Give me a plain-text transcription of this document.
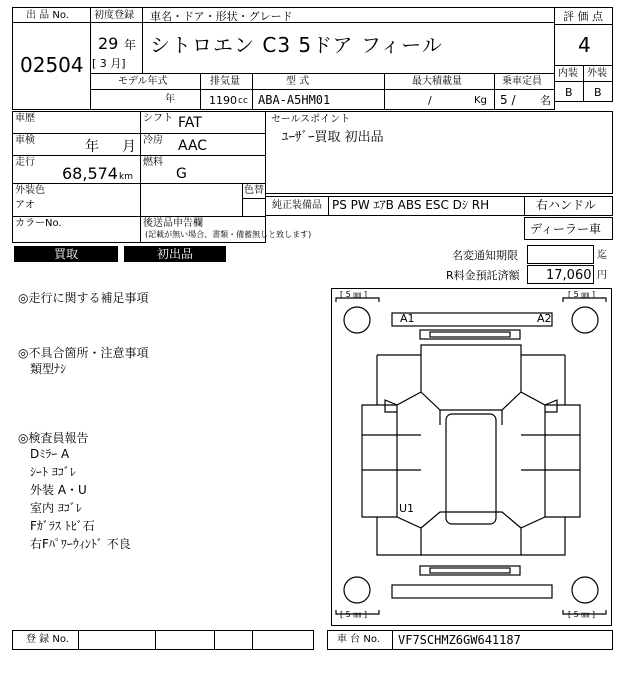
出 品 No.
02504
初度登録 車名・ドア・形状・グレード
29 年
[ 3 月]
シトロエン C3 5ドア フィール
モデル年式	排気量	型 式	最大積載量	乗車定員
年	1190 cc ABA-A5HM01	/	Kg 5 / 名
評 価 点
4
内装 外装
B B
車歴	シフト FAT
車検	年 月 冷房 AAC
走行
68,574 km
燃料
G
外装色
アオ
色替
カラーNo.	後送品申告欄
(記載が無い場合、書類・備蓄無しと致します)
セールスポイント
ﾕｰｻﾞｰ買取 初出品
純正装備品 PS PW ｴｱB ABS ESC Dｼ RH	右ハンドル
ディーラー車
買取	初出品	名変通知期限	迄
R料金預託済額 17,060 円
◎走行に関する補足事項
◎不具合箇所・注意事項
類型ﾅｼ
◎検査員報告
Dﾐﾗｰ A
ｼｰﾄ ﾖｺﾞﾚ
外装 A・U
室内 ﾖｺﾞﾚ
Fｶﾞﾗｽ ﾄﾋﾞ石
右Fﾊﾟﾜｰｳｨﾝﾄﾞ 不良
[ 5 ㎜ ]	[ 5 ㎜ ]
[ 5 ㎜ ]	[ 5 ㎜ ]
A1	A2
U1
登 録 No.	車 台 No. VF7SCHMZ6GW641187
